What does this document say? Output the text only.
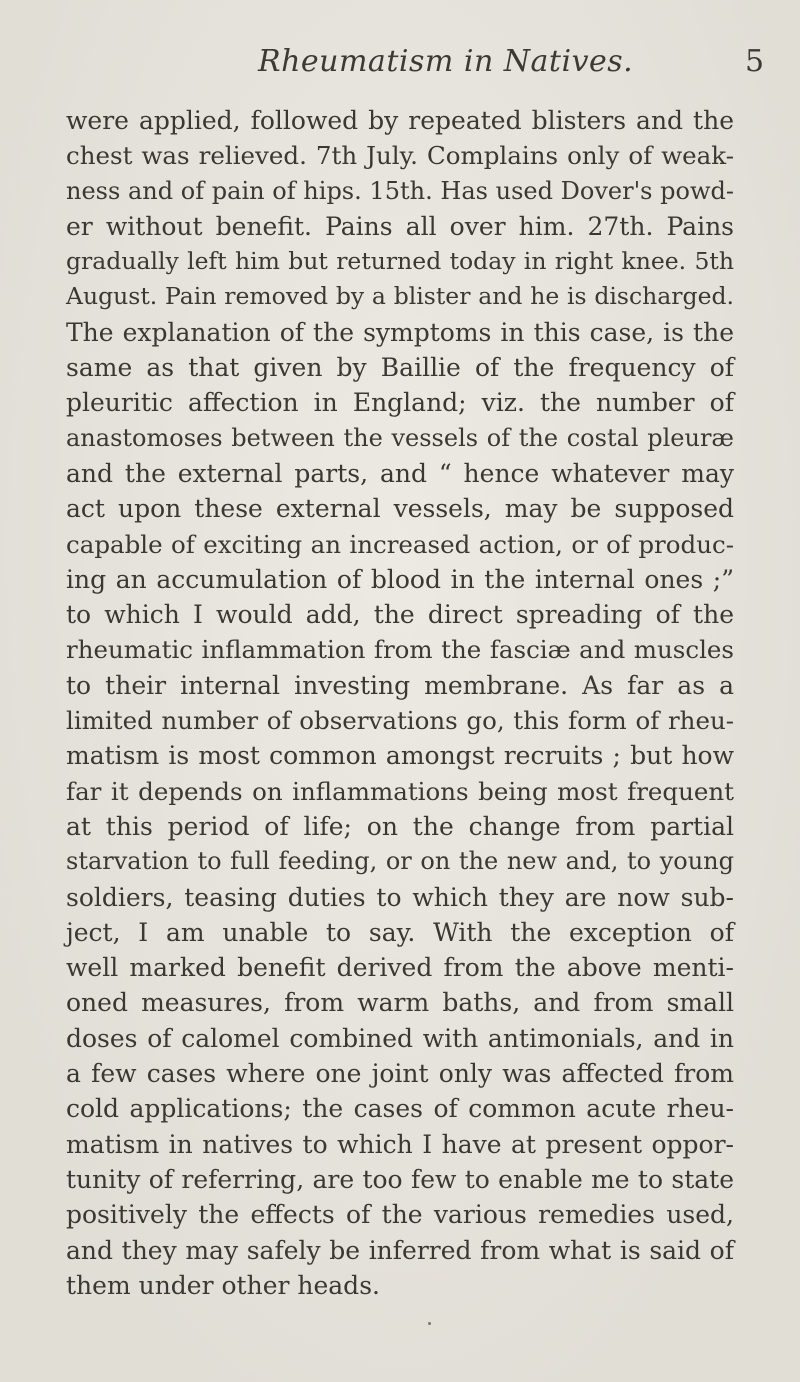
Rheumatism in Natives.	5
were applied, followed by repeated blisters and the
chest was relieved. 7th July. Complains only of weak-
ness and of pain of hips. 15th. Has used Dover's powd-
er without benefit. Pains all over him. 27th. Pains
gradually left him but returned today in right knee. 5th
August. Pain removed by a blister and he is discharged.
The explanation of the symptoms in this case, is the
same as that given by Baillie of the frequency of
pleuritic affection in England; viz. the number of
anastomoses between the vessels of the costal pleuræ
and the external parts, and “ hence whatever may
act upon these external vessels, may be supposed
capable of exciting an increased action, or of produc-
ing an accumulation of blood in the internal ones ;”
to which I would add, the direct spreading of the
rheumatic inflammation from the fasciæ and muscles
to their internal investing membrane. As far as a
limited number of observations go, this form of rheu-
matism is most common amongst recruits ; but how
far it depends on inflammations being most frequent
at this period of life; on the change from partial
starvation to full feeding, or on the new and, to young
soldiers, teasing duties to which they are now sub-
ject, I am unable to say. With the exception of
well marked benefit derived from the above menti-
oned measures, from warm baths, and from small
doses of calomel combined with antimonials, and in
a few cases where one joint only was affected from
cold applications; the cases of common acute rheu-
matism in natives to which I have at present oppor-
tunity of referring, are too few to enable me to state
positively the effects of the various remedies used,
and they may safely be inferred from what is said of
them under other heads.
